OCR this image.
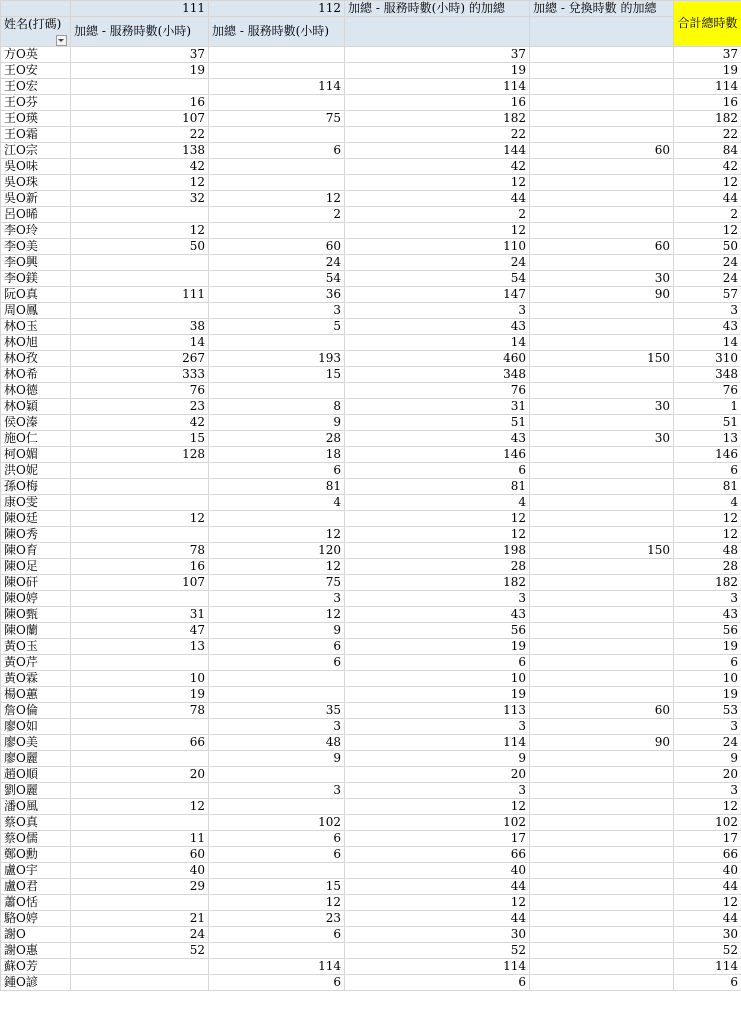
	111	112	加總 - 服務時數(小時) 的加總	加總 - 兌換時數 的加總	合計總時數
姓名(打碼)	加總 - 服務時數(小時)	加總 - 服務時數(小時)			
方O英	37		37		37
王O安	19		19		19
王O宏		114	114		114
王O芬	16		16		16
王O瑛	107	75	182		182
王O霜	22		22		22
江O宗	138	6	144	60	84
吳O味	42		42		42
吳O珠	12		12		12
吳O新	32	12	44		44
呂O晞		2	2		2
李O玲	12		12		12
李O美	50	60	110	60	50
李O興		24	24		24
李O鎂		54	54	30	24
阮O真	111	36	147	90	57
周O鳳		3	3		3
林O玉	38	5	43		43
林O旭	14		14		14
林O孜	267	193	460	150	310
林O希	333	15	348		348
林O德	76		76		76
林O穎	23	8	31	30	1
侯O溱	42	9	51		51
施O仁	15	28	43	30	13
柯O媚	128	18	146		146
洪O妮		6	6		6
孫O梅		81	81		81
康O雯		4	4		4
陳O廷	12		12		12
陳O秀		12	12		12
陳O育	78	120	198	150	48
陳O足	16	12	28		28
陳O矸	107	75	182		182
陳O婷		3	3		3
陳O甄	31	12	43		43
陳O蘭	47	9	56		56
黃O玉	13	6	19		19
黃O芹		6	6		6
黃O霖	10		10		10
楊O蕙	19		19		19
詹O倫	78	35	113	60	53
廖O如		3	3		3
廖O美	66	48	114	90	24
廖O麗		9	9		9
趙O順	20		20		20
劉O麗		3	3		3
潘O風	12		12		12
蔡O真		102	102		102
蔡O儒	11	6	17		17
鄭O勳	60	6	66		66
盧O宇	40		40		40
盧O君	29	15	44		44
蕭O恬		12	12		12
駱O婷	21	23	44		44
謝O	24	6	30		30
謝O惠	52		52		52
蘇O芳		114	114		114
鍾O諺		6	6		6
